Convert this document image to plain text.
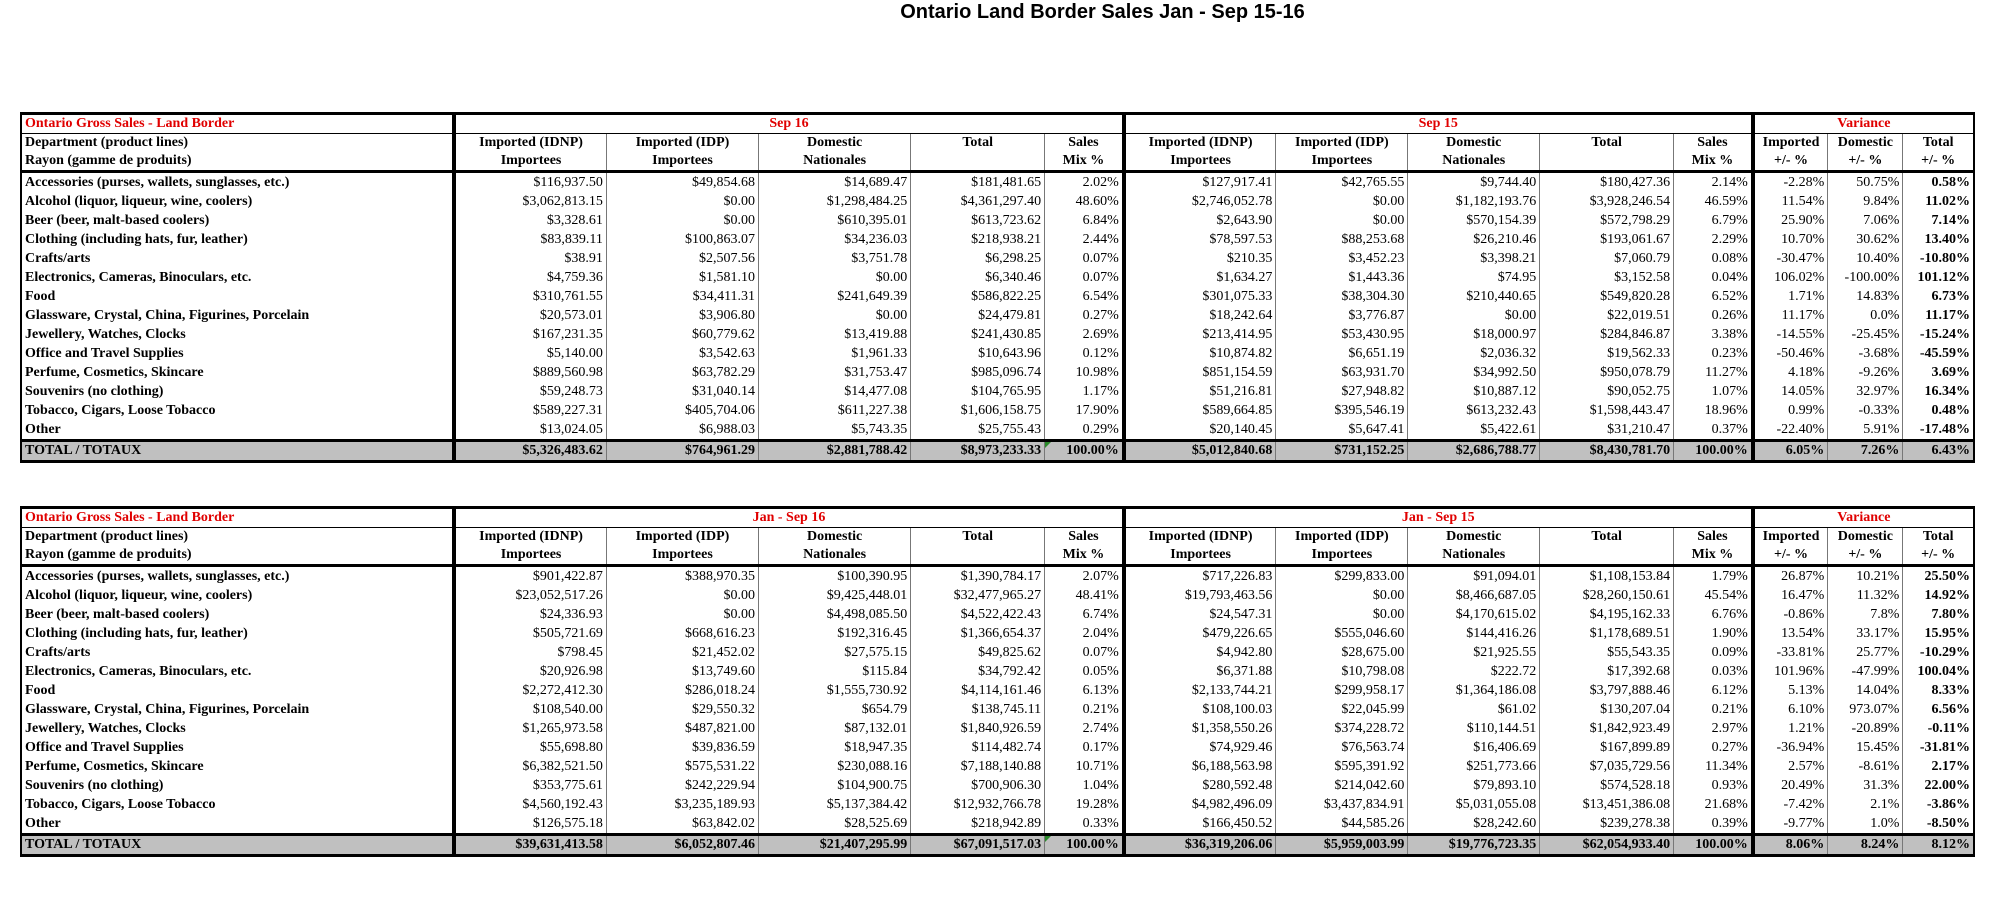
Ontario Land Border Sales Jan - Sep 15-16
Ontario Gross Sales - Land Border	Sep 16					Sep 15					Variance		
Department (product lines)	Imported (IDNP)	Imported (IDP)	Domestic	Total	Sales	Imported (IDNP)	Imported (IDP)	Domestic	Total	Sales	Imported	Domestic	Total
Rayon (gamme de produits)	Importees	Importees	Nationales		Mix %	Importees	Importees	Nationales		Mix %	+/- %	+/- %	+/- %
Accessories (purses, wallets, sunglasses, etc.)	$116,937.50	$49,854.68	$14,689.47	$181,481.65	2.02%	$127,917.41	$42,765.55	$9,744.40	$180,427.36	2.14%	-2.28%	50.75%	0.58%
Alcohol (liquor, liqueur, wine, coolers)	$3,062,813.15	$0.00	$1,298,484.25	$4,361,297.40	48.60%	$2,746,052.78	$0.00	$1,182,193.76	$3,928,246.54	46.59%	11.54%	9.84%	11.02%
Beer (beer, malt-based coolers)	$3,328.61	$0.00	$610,395.01	$613,723.62	6.84%	$2,643.90	$0.00	$570,154.39	$572,798.29	6.79%	25.90%	7.06%	7.14%
Clothing (including hats, fur, leather)	$83,839.11	$100,863.07	$34,236.03	$218,938.21	2.44%	$78,597.53	$88,253.68	$26,210.46	$193,061.67	2.29%	10.70%	30.62%	13.40%
Crafts/arts	$38.91	$2,507.56	$3,751.78	$6,298.25	0.07%	$210.35	$3,452.23	$3,398.21	$7,060.79	0.08%	-30.47%	10.40%	-10.80%
Electronics, Cameras, Binoculars, etc.	$4,759.36	$1,581.10	$0.00	$6,340.46	0.07%	$1,634.27	$1,443.36	$74.95	$3,152.58	0.04%	106.02%	-100.00%	101.12%
Food	$310,761.55	$34,411.31	$241,649.39	$586,822.25	6.54%	$301,075.33	$38,304.30	$210,440.65	$549,820.28	6.52%	1.71%	14.83%	6.73%
Glassware, Crystal, China, Figurines, Porcelain	$20,573.01	$3,906.80	$0.00	$24,479.81	0.27%	$18,242.64	$3,776.87	$0.00	$22,019.51	0.26%	11.17%	0.0%	11.17%
Jewellery, Watches, Clocks	$167,231.35	$60,779.62	$13,419.88	$241,430.85	2.69%	$213,414.95	$53,430.95	$18,000.97	$284,846.87	3.38%	-14.55%	-25.45%	-15.24%
Office and Travel Supplies	$5,140.00	$3,542.63	$1,961.33	$10,643.96	0.12%	$10,874.82	$6,651.19	$2,036.32	$19,562.33	0.23%	-50.46%	-3.68%	-45.59%
Perfume, Cosmetics, Skincare	$889,560.98	$63,782.29	$31,753.47	$985,096.74	10.98%	$851,154.59	$63,931.70	$34,992.50	$950,078.79	11.27%	4.18%	-9.26%	3.69%
Souvenirs (no clothing)	$59,248.73	$31,040.14	$14,477.08	$104,765.95	1.17%	$51,216.81	$27,948.82	$10,887.12	$90,052.75	1.07%	14.05%	32.97%	16.34%
Tobacco, Cigars, Loose Tobacco	$589,227.31	$405,704.06	$611,227.38	$1,606,158.75	17.90%	$589,664.85	$395,546.19	$613,232.43	$1,598,443.47	18.96%	0.99%	-0.33%	0.48%
Other	$13,024.05	$6,988.03	$5,743.35	$25,755.43	0.29%	$20,140.45	$5,647.41	$5,422.61	$31,210.47	0.37%	-22.40%	5.91%	-17.48%
TOTAL / TOTAUX	$5,326,483.62	$764,961.29	$2,881,788.42	$8,973,233.33	100.00%	$5,012,840.68	$731,152.25	$2,686,788.77	$8,430,781.70	100.00%	6.05%	7.26%	6.43%
Ontario Gross Sales - Land Border	Jan - Sep 16					Jan - Sep 15					Variance		
Department (product lines)	Imported (IDNP)	Imported (IDP)	Domestic	Total	Sales	Imported (IDNP)	Imported (IDP)	Domestic	Total	Sales	Imported	Domestic	Total
Rayon (gamme de produits)	Importees	Importees	Nationales		Mix %	Importees	Importees	Nationales		Mix %	+/- %	+/- %	+/- %
Accessories (purses, wallets, sunglasses, etc.)	$901,422.87	$388,970.35	$100,390.95	$1,390,784.17	2.07%	$717,226.83	$299,833.00	$91,094.01	$1,108,153.84	1.79%	26.87%	10.21%	25.50%
Alcohol (liquor, liqueur, wine, coolers)	$23,052,517.26	$0.00	$9,425,448.01	$32,477,965.27	48.41%	$19,793,463.56	$0.00	$8,466,687.05	$28,260,150.61	45.54%	16.47%	11.32%	14.92%
Beer (beer, malt-based coolers)	$24,336.93	$0.00	$4,498,085.50	$4,522,422.43	6.74%	$24,547.31	$0.00	$4,170,615.02	$4,195,162.33	6.76%	-0.86%	7.8%	7.80%
Clothing (including hats, fur, leather)	$505,721.69	$668,616.23	$192,316.45	$1,366,654.37	2.04%	$479,226.65	$555,046.60	$144,416.26	$1,178,689.51	1.90%	13.54%	33.17%	15.95%
Crafts/arts	$798.45	$21,452.02	$27,575.15	$49,825.62	0.07%	$4,942.80	$28,675.00	$21,925.55	$55,543.35	0.09%	-33.81%	25.77%	-10.29%
Electronics, Cameras, Binoculars, etc.	$20,926.98	$13,749.60	$115.84	$34,792.42	0.05%	$6,371.88	$10,798.08	$222.72	$17,392.68	0.03%	101.96%	-47.99%	100.04%
Food	$2,272,412.30	$286,018.24	$1,555,730.92	$4,114,161.46	6.13%	$2,133,744.21	$299,958.17	$1,364,186.08	$3,797,888.46	6.12%	5.13%	14.04%	8.33%
Glassware, Crystal, China, Figurines, Porcelain	$108,540.00	$29,550.32	$654.79	$138,745.11	0.21%	$108,100.03	$22,045.99	$61.02	$130,207.04	0.21%	6.10%	973.07%	6.56%
Jewellery, Watches, Clocks	$1,265,973.58	$487,821.00	$87,132.01	$1,840,926.59	2.74%	$1,358,550.26	$374,228.72	$110,144.51	$1,842,923.49	2.97%	1.21%	-20.89%	-0.11%
Office and Travel Supplies	$55,698.80	$39,836.59	$18,947.35	$114,482.74	0.17%	$74,929.46	$76,563.74	$16,406.69	$167,899.89	0.27%	-36.94%	15.45%	-31.81%
Perfume, Cosmetics, Skincare	$6,382,521.50	$575,531.22	$230,088.16	$7,188,140.88	10.71%	$6,188,563.98	$595,391.92	$251,773.66	$7,035,729.56	11.34%	2.57%	-8.61%	2.17%
Souvenirs (no clothing)	$353,775.61	$242,229.94	$104,900.75	$700,906.30	1.04%	$280,592.48	$214,042.60	$79,893.10	$574,528.18	0.93%	20.49%	31.3%	22.00%
Tobacco, Cigars, Loose Tobacco	$4,560,192.43	$3,235,189.93	$5,137,384.42	$12,932,766.78	19.28%	$4,982,496.09	$3,437,834.91	$5,031,055.08	$13,451,386.08	21.68%	-7.42%	2.1%	-3.86%
Other	$126,575.18	$63,842.02	$28,525.69	$218,942.89	0.33%	$166,450.52	$44,585.26	$28,242.60	$239,278.38	0.39%	-9.77%	1.0%	-8.50%
TOTAL / TOTAUX	$39,631,413.58	$6,052,807.46	$21,407,295.99	$67,091,517.03	100.00%	$36,319,206.06	$5,959,003.99	$19,776,723.35	$62,054,933.40	100.00%	8.06%	8.24%	8.12%
